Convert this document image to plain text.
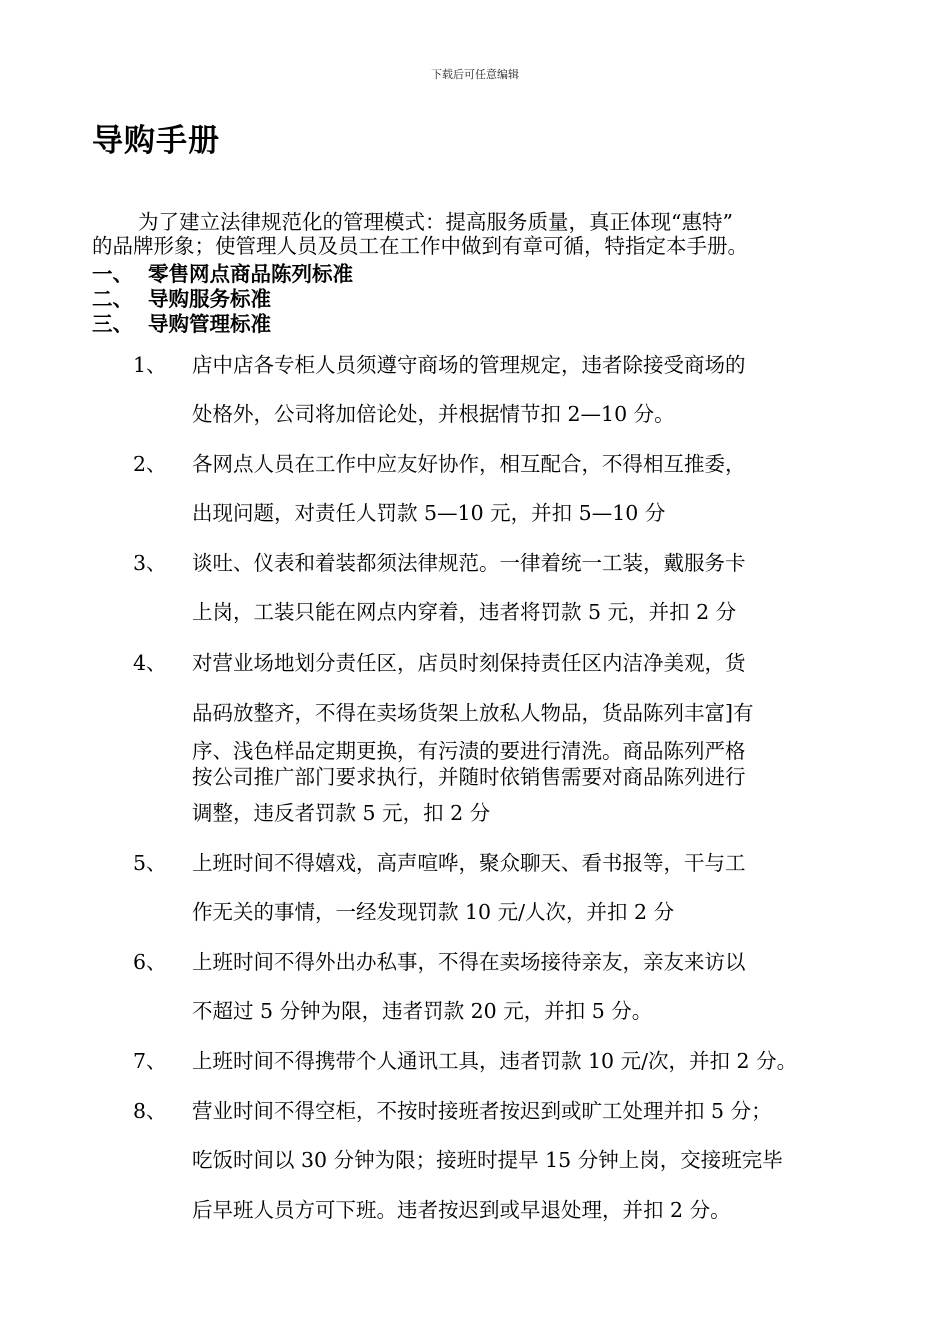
下载后可任意编辑
导购手册
为了建立法律规范化的管理模式：提高服务质量，真正体现“惠特”
的品牌形象；使管理人员及员工在工作中做到有章可循，特指定本手册。
一、 零售网点商品陈列标准
二、 导购服务标准
三、 导购管理标准
1、 店中店各专柜人员须遵守商场的管理规定，违者除接受商场的
处格外，公司将加倍论处，并根据情节扣 2—10 分。
2、 各网点人员在工作中应友好协作，相互配合，不得相互推委，
出现问题，对责任人罚款 5—10 元，并扣 5—10 分
3、 谈吐、仪表和着装都须法律规范。一律着统一工装，戴服务卡
上岗，工装只能在网点内穿着，违者将罚款 5 元，并扣 2 分
4、 对营业场地划分责任区，店员时刻保持责任区内洁净美观，货
品码放整齐，不得在卖场货架上放私人物品，货品陈列丰富]有
序、浅色样品定期更换，有污渍的要进行清洗。商品陈列严格
按公司推广部门要求执行，并随时依销售需要对商品陈列进行
调整，违反者罚款 5 元，扣 2 分
5、 上班时间不得嬉戏，高声喧哗，聚众聊天、看书报等，干与工
作无关的事情，一经发现罚款 10 元/人次，并扣 2 分
6、 上班时间不得外出办私事，不得在卖场接待亲友，亲友来访以
不超过 5 分钟为限，违者罚款 20 元，并扣 5 分。
7、 上班时间不得携带个人通讯工具，违者罚款 10 元/次，并扣 2 分。
8、 营业时间不得空柜，不按时接班者按迟到或旷工处理并扣 5 分；
吃饭时间以 30 分钟为限；接班时提早 15 分钟上岗，交接班完毕
后早班人员方可下班。违者按迟到或早退处理，并扣 2 分。
